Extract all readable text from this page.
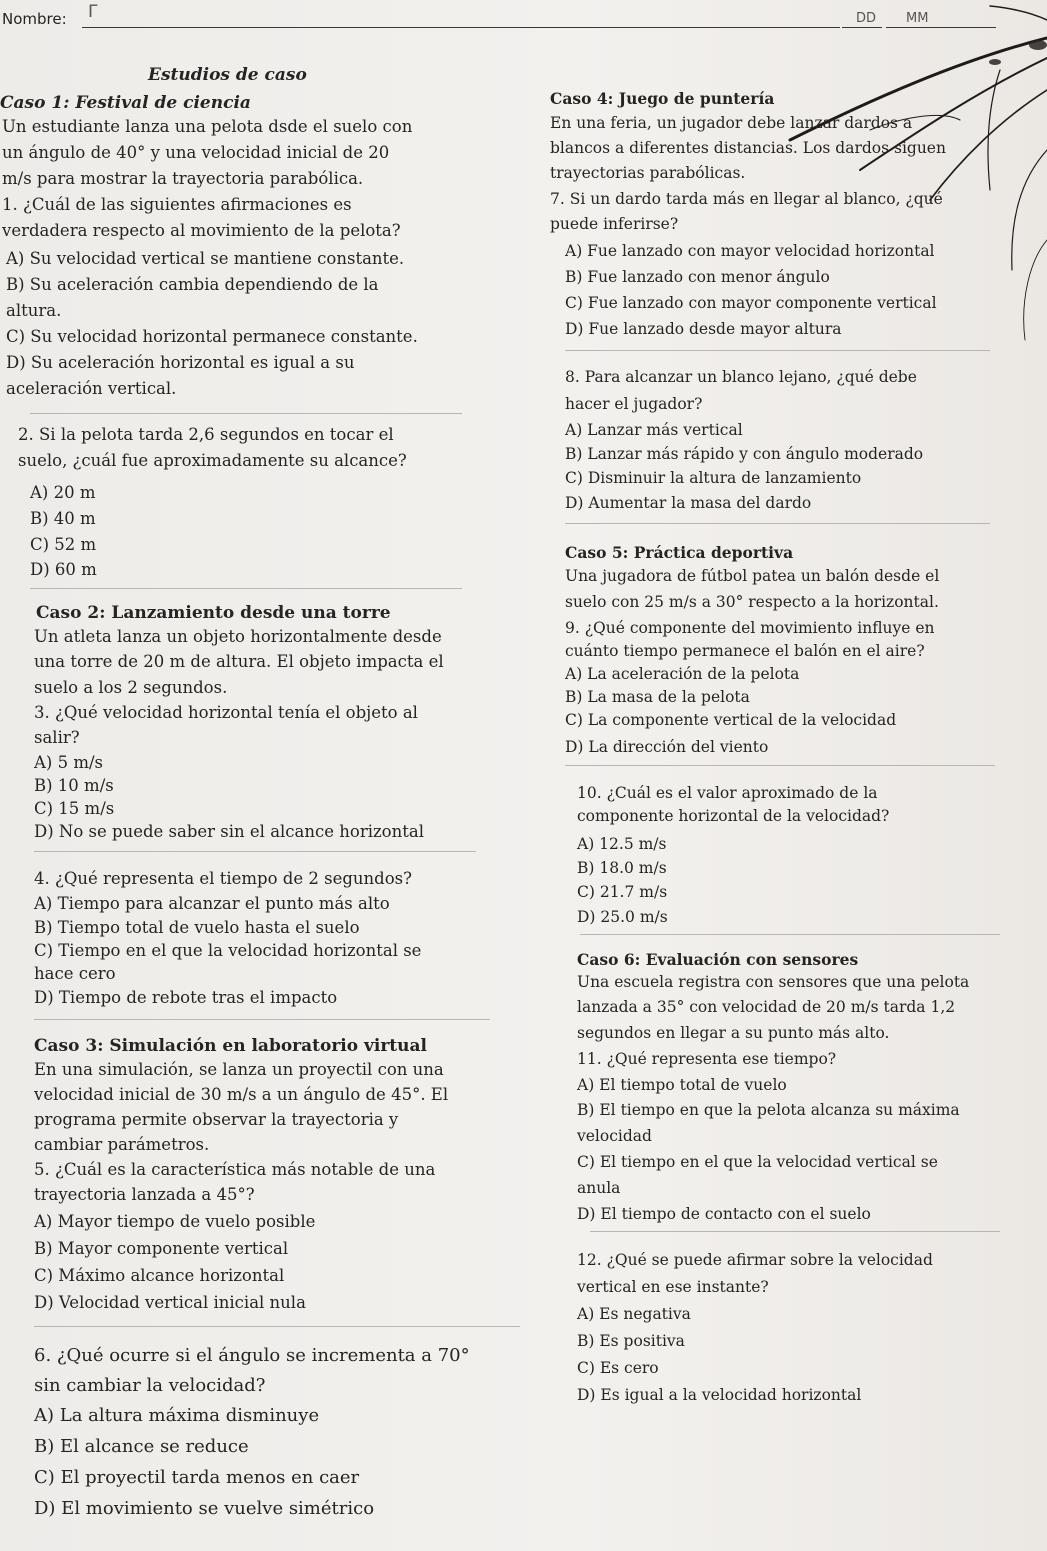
Nombre: Γ	DD MM
Estudios de caso
Caso 1: Festival de ciencia
Un estudiante lanza una pelota dsde el suelo con
un ángulo de 40° y una velocidad inicial de 20
m/s para mostrar la trayectoria parabólica.
1. ¿Cuál de las siguientes afirmaciones es
verdadera respecto al movimiento de la pelota?
A) Su velocidad vertical se mantiene constante.
B) Su aceleración cambia dependiendo de la
altura.
C) Su velocidad horizontal permanece constante.
D) Su aceleración horizontal es igual a su
aceleración vertical.
2. Si la pelota tarda 2,6 segundos en tocar el
suelo, ¿cuál fue aproximadamente su alcance?
A) 20 m
B) 40 m
C) 52 m
D) 60 m
Caso 2: Lanzamiento desde una torre
Un atleta lanza un objeto horizontalmente desde
una torre de 20 m de altura. El objeto impacta el
suelo a los 2 segundos.
3. ¿Qué velocidad horizontal tenía el objeto al
salir?
A) 5 m/s
B) 10 m/s
C) 15 m/s
D) No se puede saber sin el alcance horizontal
4. ¿Qué representa el tiempo de 2 segundos?
A) Tiempo para alcanzar el punto más alto
B) Tiempo total de vuelo hasta el suelo
C) Tiempo en el que la velocidad horizontal se
hace cero
D) Tiempo de rebote tras el impacto
Caso 3: Simulación en laboratorio virtual
En una simulación, se lanza un proyectil con una
velocidad inicial de 30 m/s a un ángulo de 45°. El
programa permite observar la trayectoria y
cambiar parámetros.
5. ¿Cuál es la característica más notable de una
trayectoria lanzada a 45°?
A) Mayor tiempo de vuelo posible
B) Mayor componente vertical
C) Máximo alcance horizontal
D) Velocidad vertical inicial nula
6. ¿Qué ocurre si el ángulo se incrementa a 70°
sin cambiar la velocidad?
A) La altura máxima disminuye
B) El alcance se reduce
C) El proyectil tarda menos en caer
D) El movimiento se vuelve simétrico
Caso 4: Juego de puntería
En una feria, un jugador debe lanzar dardos a
blancos a diferentes distancias. Los dardos siguen
trayectorias parabólicas.
7. Si un dardo tarda más en llegar al blanco, ¿qué
puede inferirse?
A) Fue lanzado con mayor velocidad horizontal
B) Fue lanzado con menor ángulo
C) Fue lanzado con mayor componente vertical
D) Fue lanzado desde mayor altura
8. Para alcanzar un blanco lejano, ¿qué debe
hacer el jugador?
A) Lanzar más vertical
B) Lanzar más rápido y con ángulo moderado
C) Disminuir la altura de lanzamiento
D) Aumentar la masa del dardo
Caso 5: Práctica deportiva
Una jugadora de fútbol patea un balón desde el
suelo con 25 m/s a 30° respecto a la horizontal.
9. ¿Qué componente del movimiento influye en
cuánto tiempo permanece el balón en el aire?
A) La aceleración de la pelota
B) La masa de la pelota
C) La componente vertical de la velocidad
D) La dirección del viento
10. ¿Cuál es el valor aproximado de la
componente horizontal de la velocidad?
A) 12.5 m/s
B) 18.0 m/s
C) 21.7 m/s
D) 25.0 m/s
Caso 6: Evaluación con sensores
Una escuela registra con sensores que una pelota
lanzada a 35° con velocidad de 20 m/s tarda 1,2
segundos en llegar a su punto más alto.
11. ¿Qué representa ese tiempo?
A) El tiempo total de vuelo
B) El tiempo en que la pelota alcanza su máxima
velocidad
C) El tiempo en el que la velocidad vertical se
anula
D) El tiempo de contacto con el suelo
12. ¿Qué se puede afirmar sobre la velocidad
vertical en ese instante?
A) Es negativa
B) Es positiva
C) Es cero
D) Es igual a la velocidad horizontal
